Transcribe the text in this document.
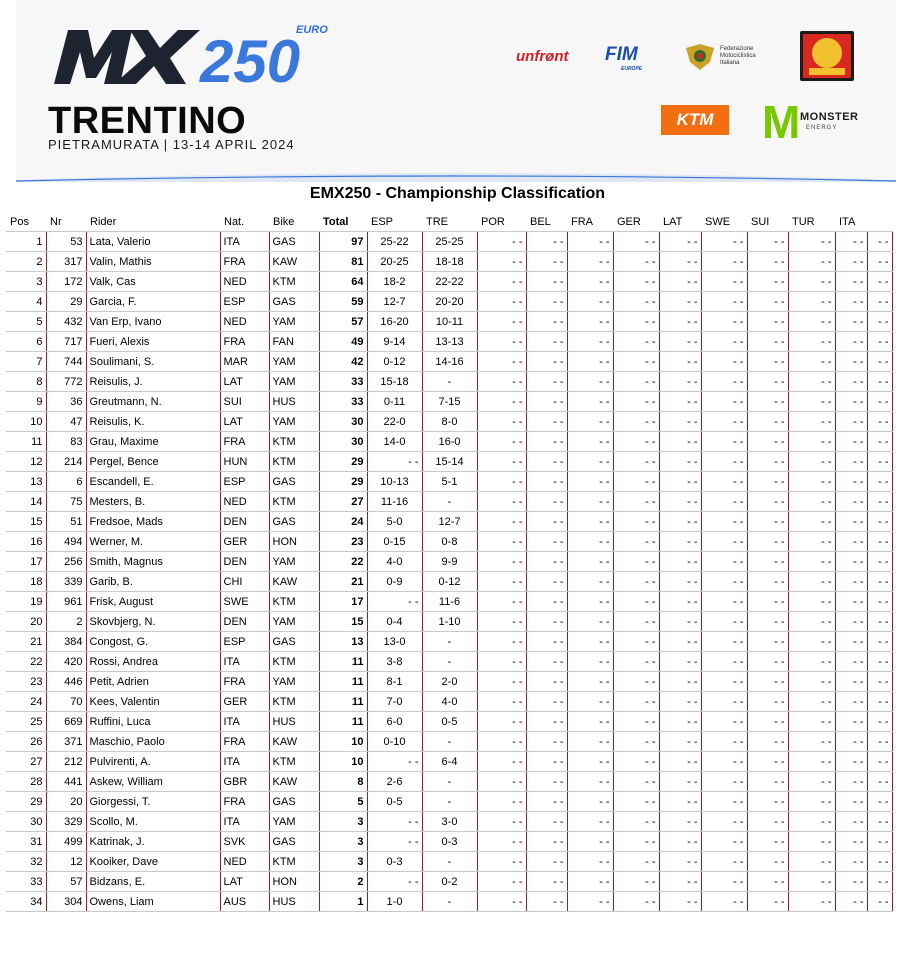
250
EURO
TRENTINO
PIETRAMURATA | 13-14 APRIL 2024
unfrønt FIM
EUROPE
Federazione Motociclistica Italiana
KTM	M MONSTER
ENERGY
EMX250 - Championship Classification
Pos	Nr	Rider	Nat.	Bike	Total	ESP	TRE	POR	BEL	FRA	GER	LAT	SWE	SUI	TUR	ITA	
1	53	Lata, Valerio	ITA	GAS	97	25-22	25-25	- -	- -	- -	- -	- -	- -	- -	- -	- -	- -
2	317	Valin, Mathis	FRA	KAW	81	20-25	18-18	- -	- -	- -	- -	- -	- -	- -	- -	- -	- -
3	172	Valk, Cas	NED	KTM	64	18-2	22-22	- -	- -	- -	- -	- -	- -	- -	- -	- -	- -
4	29	Garcia, F.	ESP	GAS	59	12-7	20-20	- -	- -	- -	- -	- -	- -	- -	- -	- -	- -
5	432	Van Erp, Ivano	NED	YAM	57	16-20	10-11	- -	- -	- -	- -	- -	- -	- -	- -	- -	- -
6	717	Fueri, Alexis	FRA	FAN	49	9-14	13-13	- -	- -	- -	- -	- -	- -	- -	- -	- -	- -
7	744	Soulimani, S.	MAR	YAM	42	0-12	14-16	- -	- -	- -	- -	- -	- -	- -	- -	- -	- -
8	772	Reisulis, J.	LAT	YAM	33	15-18	-	- -	- -	- -	- -	- -	- -	- -	- -	- -	- -
9	36	Greutmann, N.	SUI	HUS	33	0-11	7-15	- -	- -	- -	- -	- -	- -	- -	- -	- -	- -
10	47	Reisulis, K.	LAT	YAM	30	22-0	8-0	- -	- -	- -	- -	- -	- -	- -	- -	- -	- -
11	83	Grau, Maxime	FRA	KTM	30	14-0	16-0	- -	- -	- -	- -	- -	- -	- -	- -	- -	- -
12	214	Pergel, Bence	HUN	KTM	29	- -	15-14	- -	- -	- -	- -	- -	- -	- -	- -	- -	- -
13	6	Escandell, E.	ESP	GAS	29	10-13	5-1	- -	- -	- -	- -	- -	- -	- -	- -	- -	- -
14	75	Mesters, B.	NED	KTM	27	11-16	-	- -	- -	- -	- -	- -	- -	- -	- -	- -	- -
15	51	Fredsoe, Mads	DEN	GAS	24	5-0	12-7	- -	- -	- -	- -	- -	- -	- -	- -	- -	- -
16	494	Werner, M.	GER	HON	23	0-15	0-8	- -	- -	- -	- -	- -	- -	- -	- -	- -	- -
17	256	Smith, Magnus	DEN	YAM	22	4-0	9-9	- -	- -	- -	- -	- -	- -	- -	- -	- -	- -
18	339	Garib, B.	CHI	KAW	21	0-9	0-12	- -	- -	- -	- -	- -	- -	- -	- -	- -	- -
19	961	Frisk, August	SWE	KTM	17	- -	11-6	- -	- -	- -	- -	- -	- -	- -	- -	- -	- -
20	2	Skovbjerg, N.	DEN	YAM	15	0-4	1-10	- -	- -	- -	- -	- -	- -	- -	- -	- -	- -
21	384	Congost, G.	ESP	GAS	13	13-0	-	- -	- -	- -	- -	- -	- -	- -	- -	- -	- -
22	420	Rossi, Andrea	ITA	KTM	11	3-8	-	- -	- -	- -	- -	- -	- -	- -	- -	- -	- -
23	446	Petit, Adrien	FRA	YAM	11	8-1	2-0	- -	- -	- -	- -	- -	- -	- -	- -	- -	- -
24	70	Kees, Valentin	GER	KTM	11	7-0	4-0	- -	- -	- -	- -	- -	- -	- -	- -	- -	- -
25	669	Ruffini, Luca	ITA	HUS	11	6-0	0-5	- -	- -	- -	- -	- -	- -	- -	- -	- -	- -
26	371	Maschio, Paolo	FRA	KAW	10	0-10	-	- -	- -	- -	- -	- -	- -	- -	- -	- -	- -
27	212	Pulvirenti, A.	ITA	KTM	10	- -	6-4	- -	- -	- -	- -	- -	- -	- -	- -	- -	- -
28	441	Askew, William	GBR	KAW	8	2-6	-	- -	- -	- -	- -	- -	- -	- -	- -	- -	- -
29	20	Giorgessi, T.	FRA	GAS	5	0-5	-	- -	- -	- -	- -	- -	- -	- -	- -	- -	- -
30	329	Scollo, M.	ITA	YAM	3	- -	3-0	- -	- -	- -	- -	- -	- -	- -	- -	- -	- -
31	499	Katrinak, J.	SVK	GAS	3	- -	0-3	- -	- -	- -	- -	- -	- -	- -	- -	- -	- -
32	12	Kooiker, Dave	NED	KTM	3	0-3	-	- -	- -	- -	- -	- -	- -	- -	- -	- -	- -
33	57	Bidzans, E.	LAT	HON	2	- -	0-2	- -	- -	- -	- -	- -	- -	- -	- -	- -	- -
34	304	Owens, Liam	AUS	HUS	1	1-0	-	- -	- -	- -	- -	- -	- -	- -	- -	- -	- -
